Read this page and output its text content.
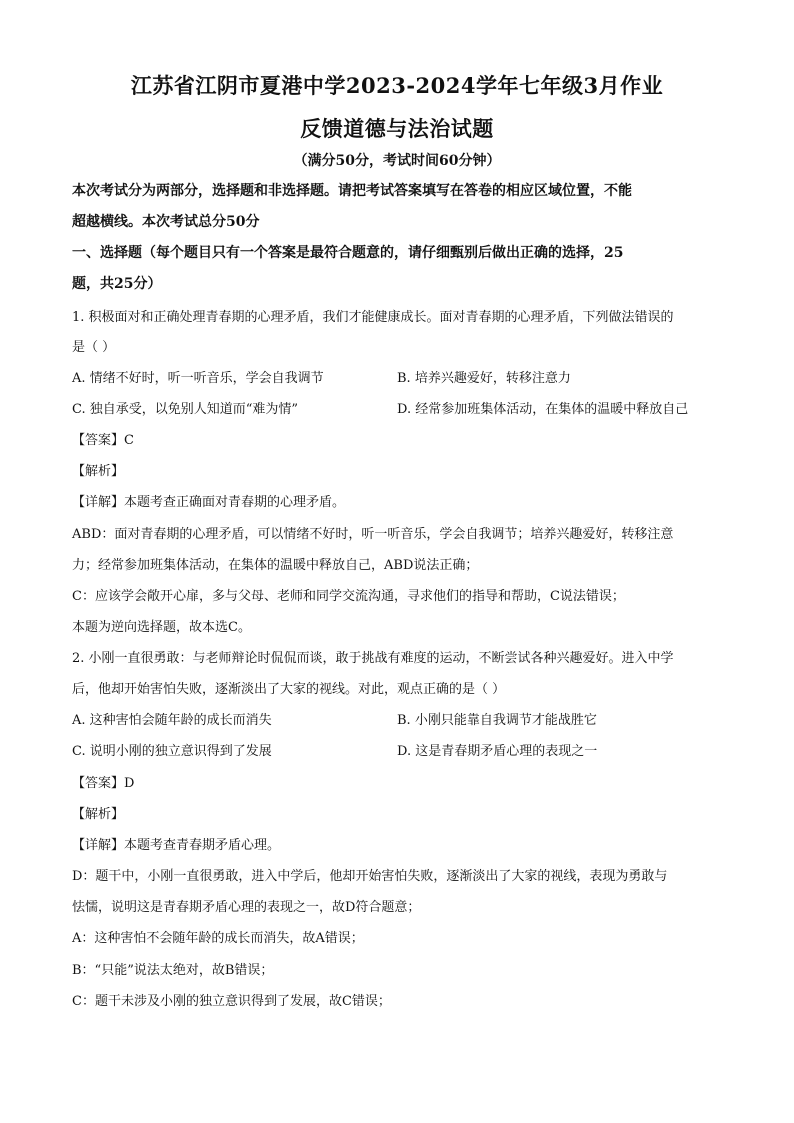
江苏省江阴市夏港中学2023-2024学年七年级3月作业
反馈道德与法治试题
（满分50分，考试时间60分钟）
本次考试分为两部分，选择题和非选择题。请把考试答案填写在答卷的相应区域位置，不能
超越横线。本次考试总分50分
一、选择题（每个题目只有一个答案是最符合题意的，请仔细甄别后做出正确的选择，25
题，共25分）
1. 积极面对和正确处理青春期的心理矛盾，我们才能健康成长。面对青春期的心理矛盾，下列做法错误的
是（ ）
A. 情绪不好时，听一听音乐，学会自我调节	B. 培养兴趣爱好，转移注意力
C. 独自承受，以免别人知道而“难为情”	D. 经常参加班集体活动，在集体的温暖中释放自己
【答案】C
【解析】
【详解】本题考查正确面对青春期的心理矛盾。
ABD：面对青春期的心理矛盾，可以情绪不好时，听一听音乐，学会自我调节；培养兴趣爱好，转移注意
力；经常参加班集体活动，在集体的温暖中释放自己，ABD说法正确；
C：应该学会敞开心扉，多与父母、老师和同学交流沟通，寻求他们的指导和帮助，C说法错误；
本题为逆向选择题，故本选C。
2. 小刚一直很勇敢：与老师辩论时侃侃而谈，敢于挑战有难度的运动，不断尝试各种兴趣爱好。进入中学
后，他却开始害怕失败，逐渐淡出了大家的视线。对此，观点正确的是（ ）
A. 这种害怕会随年龄的成长而消失	B. 小刚只能靠自我调节才能战胜它
C. 说明小刚的独立意识得到了发展	D. 这是青春期矛盾心理的表现之一
【答案】D
【解析】
【详解】本题考查青春期矛盾心理。
D：题干中，小刚一直很勇敢，进入中学后，他却开始害怕失败，逐渐淡出了大家的视线，表现为勇敢与
怯懦，说明这是青春期矛盾心理的表现之一，故D符合题意；
A：这种害怕不会随年龄的成长而消失，故A错误；
B：“只能”说法太绝对，故B错误；
C：题干未涉及小刚的独立意识得到了发展，故C错误；
